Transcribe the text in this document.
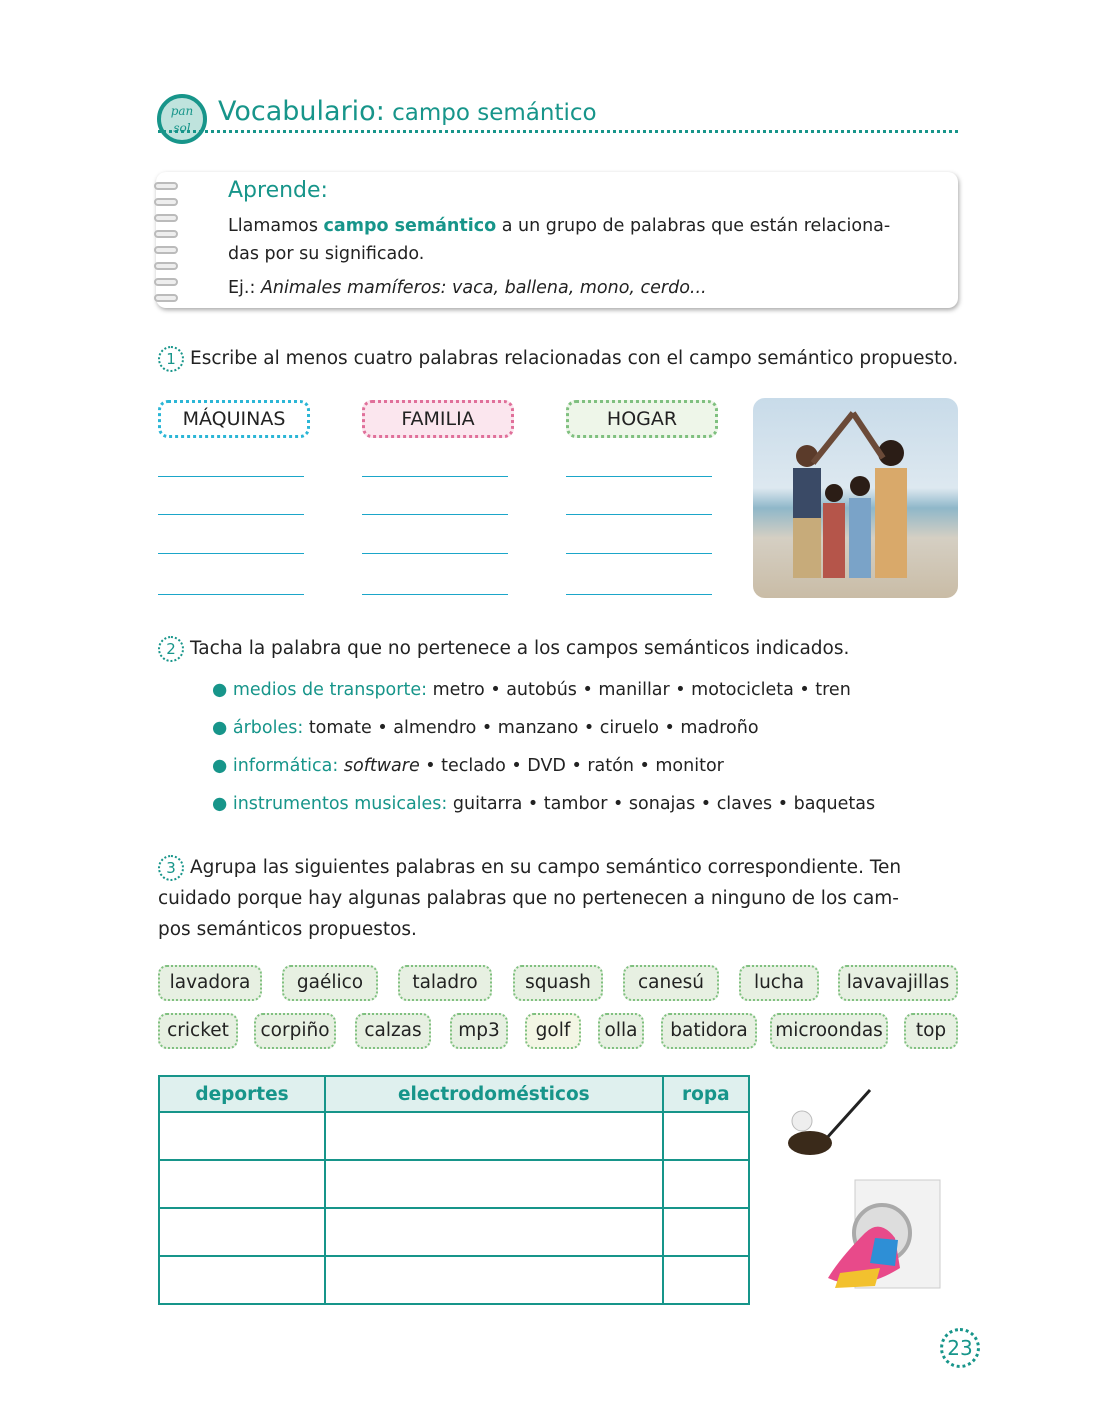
pan
sol
Vocabulario: campo semántico
Aprende:

Llamamos campo semántico a un grupo de palabras que están relaciona-
das por su significado.

Ej.: Animales mamíferos: vaca, ballena, mono, cerdo...

1 Escribe al menos cuatro palabras relacionadas con el campo semántico propuesto.
MÁQUINAS	FAMILIA	HOGAR
2 Tacha la palabra que no pertenece a los campos semánticos indicados.
● medios de transporte: metro • autobús • manillar • motocicleta • tren
● árboles: tomate • almendro • manzano • ciruelo • madroño
● informática: software • teclado • DVD • ratón • monitor
● instrumentos musicales: guitarra • tambor • sonajas • claves • baquetas
3 Agrupa las siguientes palabras en su campo semántico correspondiente. Ten
cuidado porque hay algunas palabras que no pertenecen a ninguno de los cam-
pos semánticos propuestos.
lavadora	gaélico	taladro	squash	canesú	lucha	lavavajillas
cricket	corpiño	calzas	mp3	golf	olla	batidora	microondas	top
deportes	electrodomésticos	ropa

23
